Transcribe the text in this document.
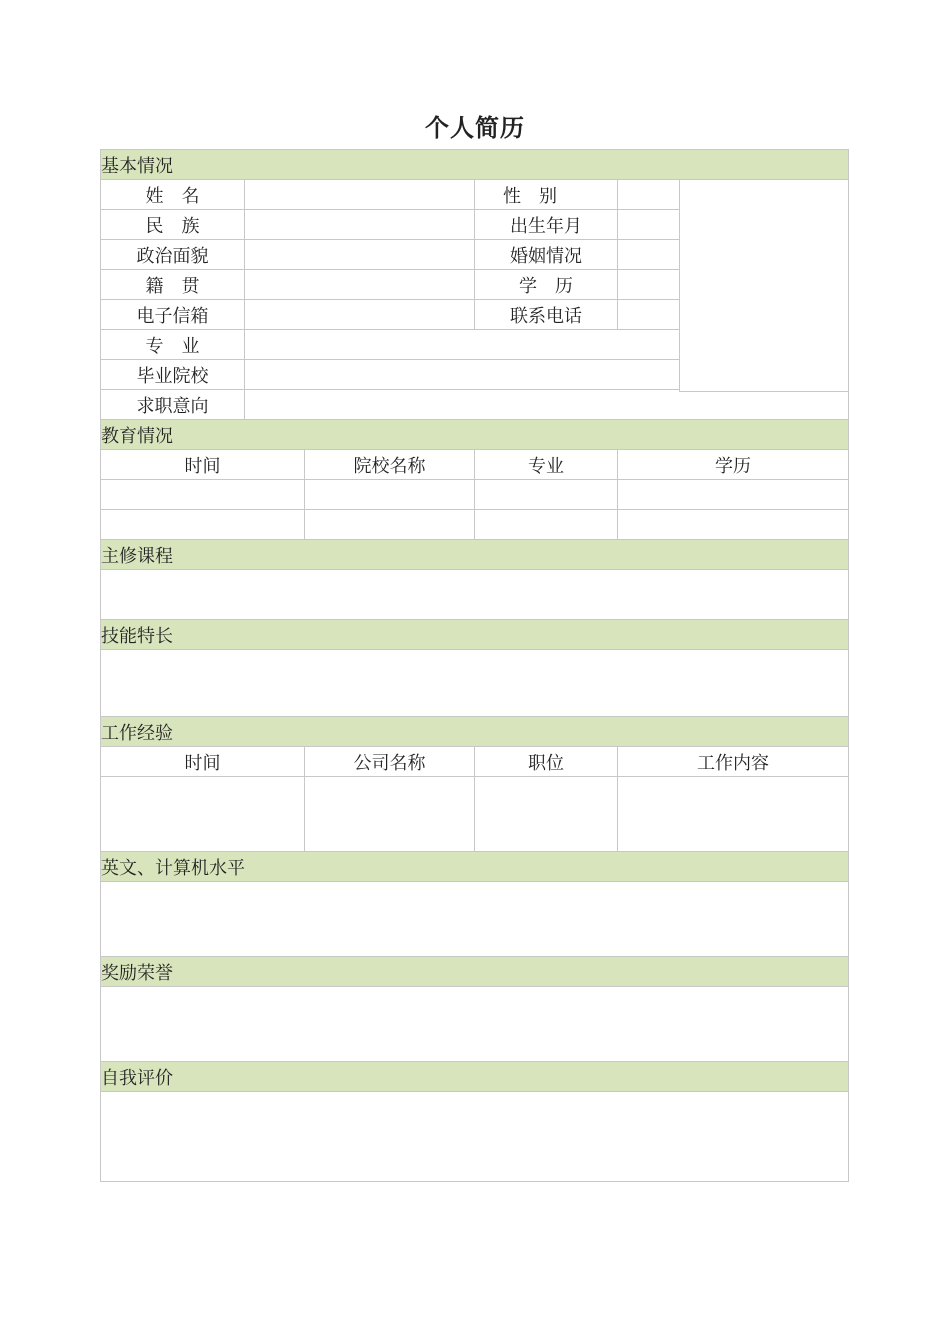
个人简历
基本情况				
姓　名			性　别	
民　族			出生年月	
政治面貌			婚姻情况	
籍　贯			学　历	
电子信箱			联系电话	
专　业				
毕业院校				
求职意向				
教育情况				
时间		院校名称	专业	学历

主修课程				

技能特长				

工作经验				
时间		公司名称	职位	工作内容

英文、计算机水平				

奖励荣誉				

自我评价				
